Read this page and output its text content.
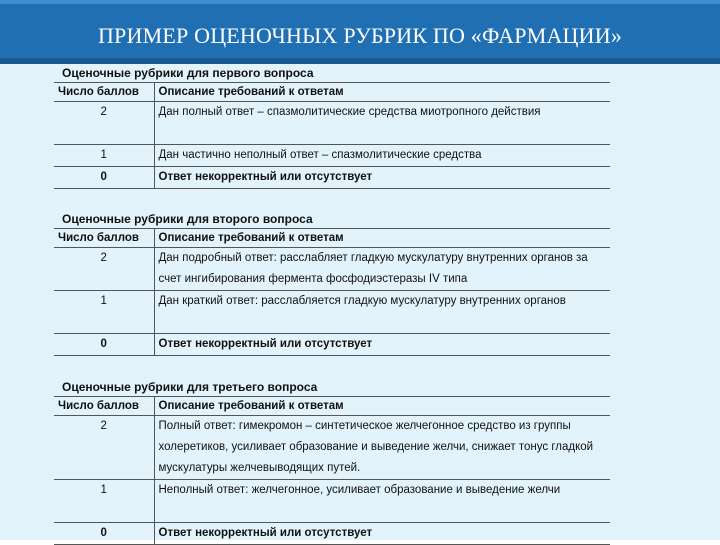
ПРИМЕР ОЦЕНОЧНЫХ РУБРИК ПО «ФАРМАЦИИ»
Оценочные рубрики для первого вопроса
Число баллов	Описание требований к ответам
2	Дан полный ответ – спазмолитические средства миотропного действия
1	Дан частично неполный ответ – спазмолитические средства
0	Ответ некорректный или отсутствует
Оценочные рубрики для второго вопроса
Число баллов	Описание требований к ответам
2	Дан подробный ответ: расслабляет гладкую мускулатуру внутренних органов за счет ингибирования фермента фосфодиэстеразы IV типа
1	Дан краткий ответ: расслабляется гладкую мускулатуру внутренних органов
0	Ответ некорректный или отсутствует
Оценочные рубрики для третьего вопроса
Число баллов	Описание требований к ответам
2	Полный ответ: гимекромон – синтетическое желчегонное средство из группы холеретиков, усиливает образование и выведение желчи, снижает тонус гладкой мускулатуры желчевыводящих путей.
1	Неполный ответ: желчегонное, усиливает образование и выведение желчи
0	Ответ некорректный или отсутствует
